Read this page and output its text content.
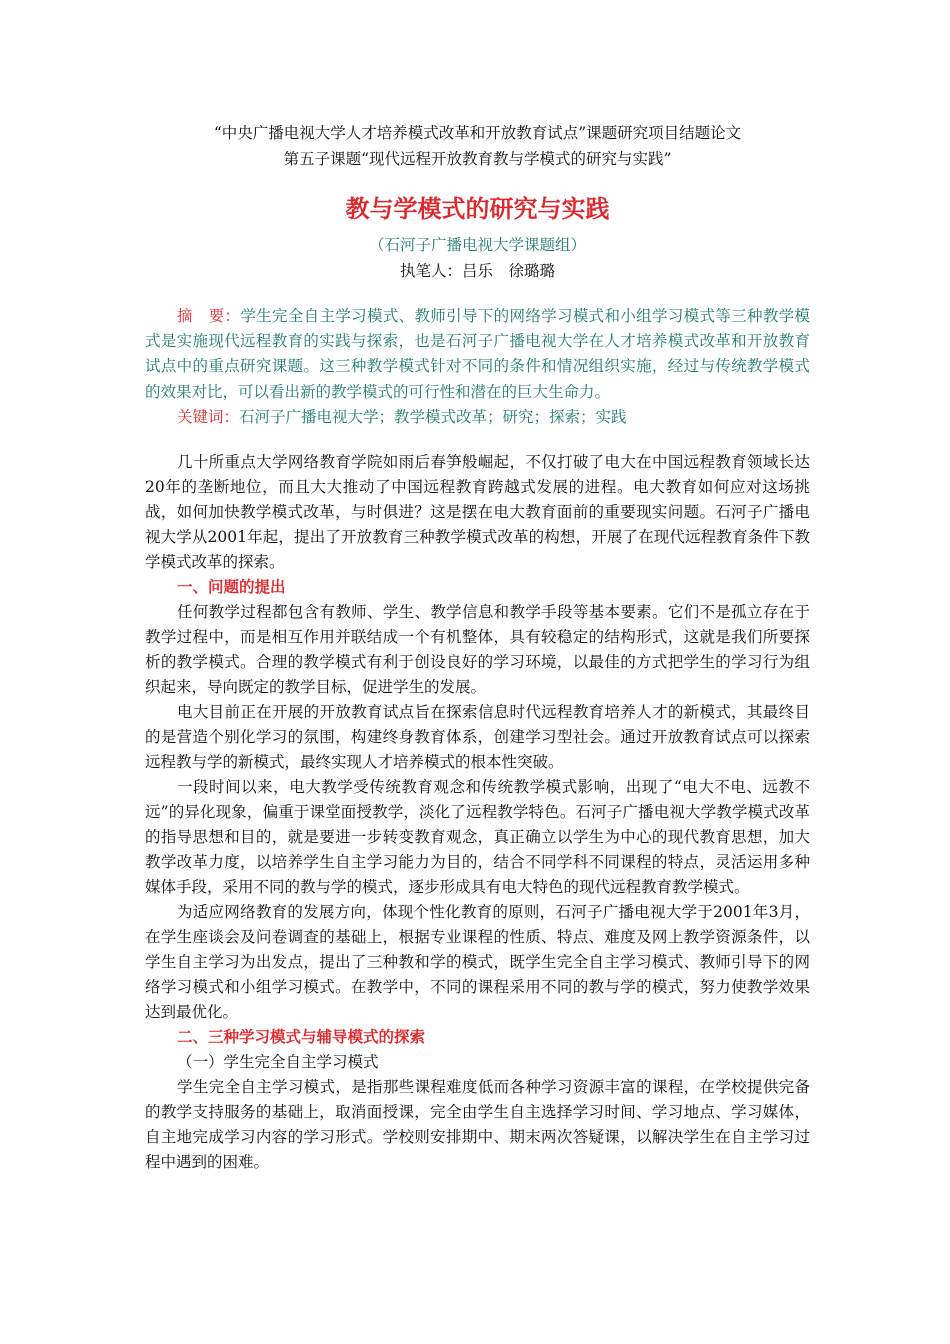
“中央广播电视大学人才培养模式改革和开放教育试点”课题研究项目结题论文
第五子课题“现代远程开放教育教与学模式的研究与实践”
教与学模式的研究与实践
（石河子广播电视大学课题组）
执笔人：吕乐　徐璐璐
摘　要：学生完全自主学习模式、教师引导下的网络学习模式和小组学习模式等三种教学模式是实施现代远程教育的实践与探索，也是石河子广播电视大学在人才培养模式改革和开放教育试点中的重点研究课题。这三种教学模式针对不同的条件和情况组织实施，经过与传统教学模式的效果对比，可以看出新的教学模式的可行性和潜在的巨大生命力。
关键词：石河子广播电视大学；教学模式改革；研究；探索；实践

几十所重点大学网络教育学院如雨后春笋般崛起，不仅打破了电大在中国远程教育领域长达20年的垄断地位，而且大大推动了中国远程教育跨越式发展的进程。电大教育如何应对这场挑战，如何加快教学模式改革，与时俱进？这是摆在电大教育面前的重要现实问题。石河子广播电视大学从2001年起，提出了开放教育三种教学模式改革的构想，开展了在现代远程教育条件下教学模式改革的探索。

一、问题的提出

任何教学过程都包含有教师、学生、教学信息和教学手段等基本要素。它们不是孤立存在于教学过程中，而是相互作用并联结成一个有机整体，具有较稳定的结构形式，这就是我们所要探析的教学模式。合理的教学模式有利于创设良好的学习环境，以最佳的方式把学生的学习行为组织起来，导向既定的教学目标，促进学生的发展。

电大目前正在开展的开放教育试点旨在探索信息时代远程教育培养人才的新模式，其最终目的是营造个别化学习的氛围，构建终身教育体系，创建学习型社会。通过开放教育试点可以探索远程教与学的新模式，最终实现人才培养模式的根本性突破。

一段时间以来，电大教学受传统教育观念和传统教学模式影响，出现了“电大不电、远教不远”的异化现象，偏重于课堂面授教学，淡化了远程教学特色。石河子广播电视大学教学模式改革的指导思想和目的，就是要进一步转变教育观念，真正确立以学生为中心的现代教育思想，加大教学改革力度，以培养学生自主学习能力为目的，结合不同学科不同课程的特点，灵活运用多种媒体手段，采用不同的教与学的模式，逐步形成具有电大特色的现代远程教育教学模式。

为适应网络教育的发展方向，体现个性化教育的原则，石河子广播电视大学于2001年3月，在学生座谈会及问卷调查的基础上，根据专业课程的性质、特点、难度及网上教学资源条件，以学生自主学习为出发点，提出了三种教和学的模式，既学生完全自主学习模式、教师引导下的网络学习模式和小组学习模式。在教学中，不同的课程采用不同的教与学的模式，努力使教学效果达到最优化。

二、三种学习模式与辅导模式的探索
（一）学生完全自主学习模式

学生完全自主学习模式，是指那些课程难度低而各种学习资源丰富的课程，在学校提供完备的教学支持服务的基础上，取消面授课，完全由学生自主选择学习时间、学习地点、学习媒体，自主地完成学习内容的学习形式。学校则安排期中、期末两次答疑课，以解决学生在自主学习过程中遇到的困难。
